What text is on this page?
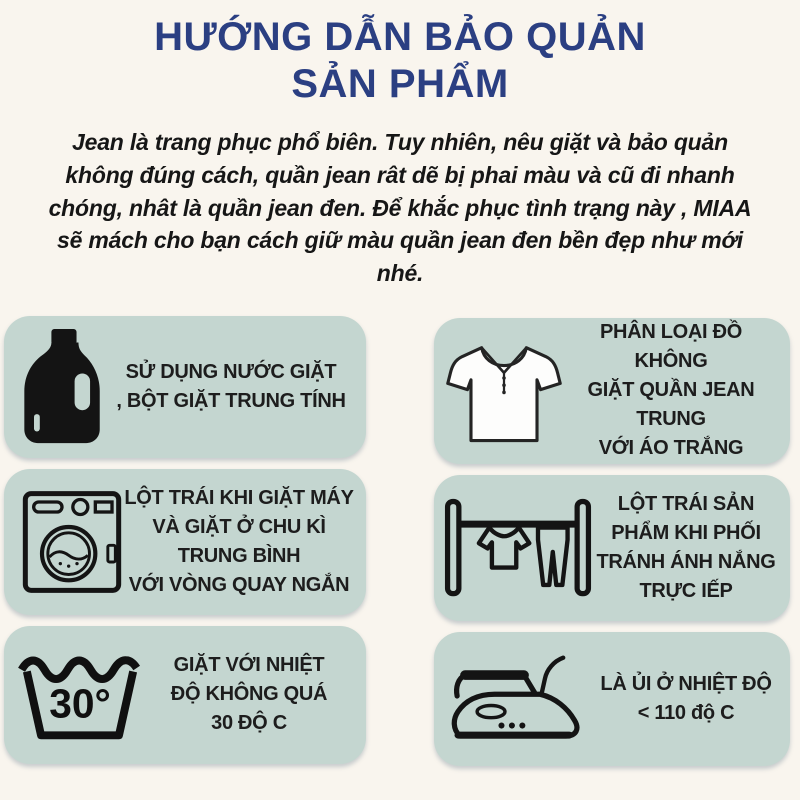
HƯỚNG DẪN BẢO QUẢN
SẢN PHẨM

Jean là trang phục phổ biên. Tuy nhiên, nêu giặt và bảo quản không đúng cách, quần jean rât dẽ bị phai màu và cũ đi nhanh chóng, nhât là quần jean đen. Để khắc phục tình trạng này , MIAA sẽ mách cho bạn cách giữ màu quần jean đen bền đẹp như mới nhé.

SỬ DỤNG NƯỚC GIẶT
, BỘT GIẶT TRUNG TÍNH
LỘT TRÁI KHI GIẶT MÁY
VÀ GIẶT Ở CHU KÌ
TRUNG BÌNH
VỚI VÒNG QUAY NGẮN
30°
GIẶT VỚI NHIỆT
ĐỘ KHÔNG QUÁ
30 ĐỘ C
PHÂN LOẠI ĐỒ KHÔNG
GIẶT QUẦN JEAN TRUNG
VỚI ÁO TRẮNG
LỘT TRÁI SẢN
PHẨM KHI PHỐI
TRÁNH ÁNH NẮNG
TRỰC IẾP
LÀ ỦI Ở NHIỆT ĐỘ
< 110 độ C
